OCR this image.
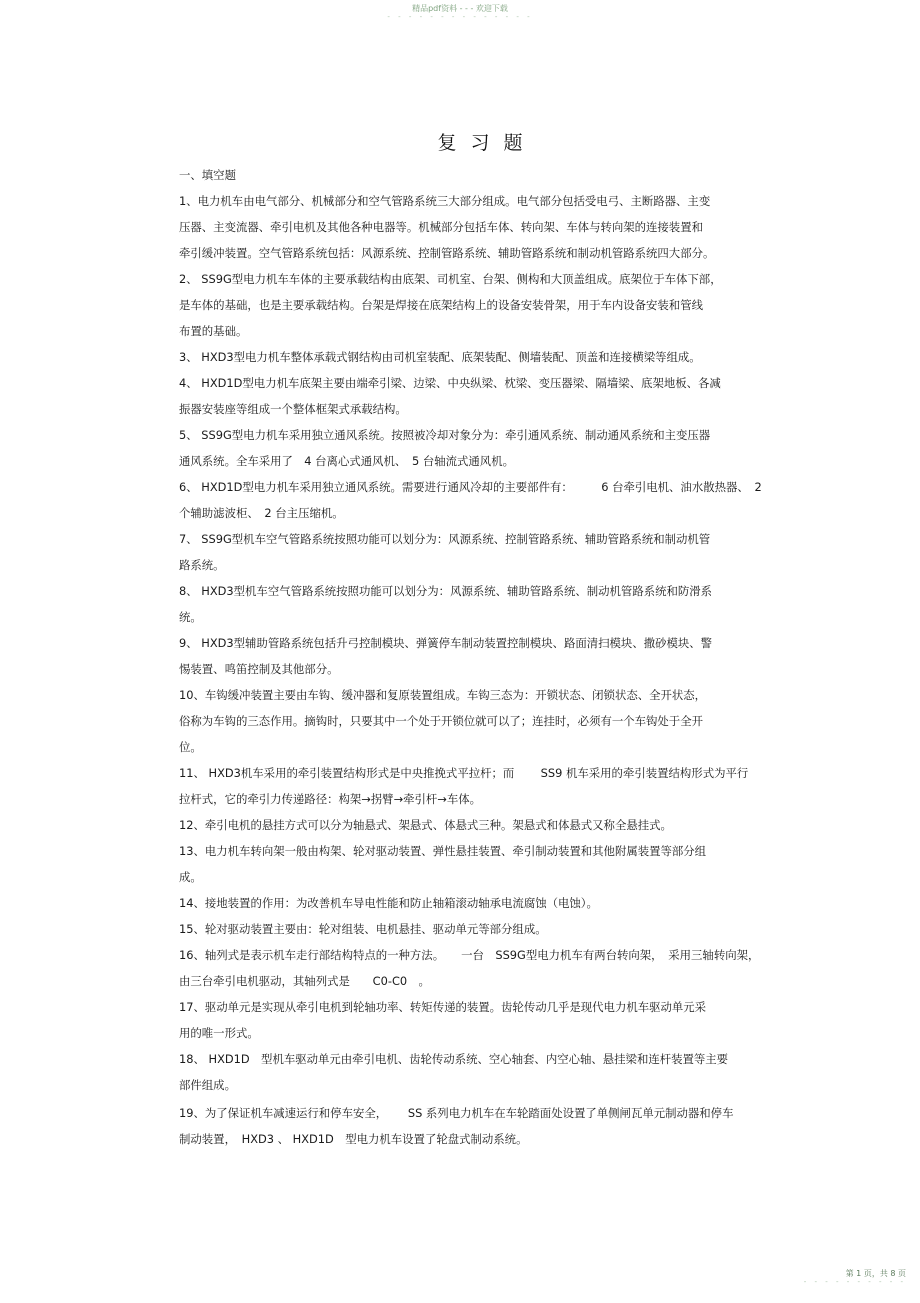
精品pdf资料 - - - 欢迎下载
- - - - - - - - - - - - - -
复习题
一、填空题
1、电力机车由电气部分、机械部分和空气管路系统三大部分组成。电气部分包括受电弓、主断路器、主变
压器、主变流器、牵引电机及其他各种电器等。机械部分包括车体、转向架、车体与转向架的连接装置和
牵引缓冲装置。空气管路系统包括：风源系统、控制管路系统、辅助管路系统和制动机管路系统四大部分。
2、 SS9G型电力机车车体的主要承载结构由底架、司机室、台架、侧构和大顶盖组成。底架位于车体下部，
是车体的基础，也是主要承载结构。台架是焊接在底架结构上的设备安装骨架，用于车内设备安装和管线
布置的基础。
3、 HXD3型电力机车整体承载式钢结构由司机室装配、底架装配、侧墙装配、顶盖和连接横梁等组成。
4、 HXD1D型电力机车底架主要由端牵引梁、边梁、中央纵梁、枕梁、变压器梁、隔墙梁、底架地板、各减
振器安装座等组成一个整体框架式承载结构。
5、 SS9G型电力机车采用独立通风系统。按照被冷却对象分为：牵引通风系统、制动通风系统和主变压器
通风系统。全车采用了　4 台离心式通风机、　5 台轴流式通风机。
6、 HXD1D型电力机车采用独立通风系统。需要进行通风冷却的主要部件有：　　　6 台牵引电机、油水散热器、　2
个辅助滤波柜、　2 台主压缩机。
7、 SS9G型机车空气管路系统按照功能可以划分为：风源系统、控制管路系统、辅助管路系统和制动机管
路系统。
8、 HXD3型机车空气管路系统按照功能可以划分为：风源系统、辅助管路系统、制动机管路系统和防滑系
统。
9、 HXD3型辅助管路系统包括升弓控制模块、弹簧停车制动装置控制模块、路面清扫模块、撒砂模块、警
惕装置、鸣笛控制及其他部分。
10、车钩缓冲装置主要由车钩、缓冲器和复原装置组成。车钩三态为：开锁状态、闭锁状态、全开状态，
俗称为车钩的三态作用。摘钩时，只要其中一个处于开锁位就可以了；连挂时，必须有一个车钩处于全开
位。
11、 HXD3机车采用的牵引装置结构形式是中央推挽式平拉杆；而　　 SS9 机车采用的牵引装置结构形式为平行
拉杆式，它的牵引力传递路径：构架→拐臂→牵引杆→车体。
12、牵引电机的悬挂方式可以分为轴悬式、架悬式、体悬式三种。架悬式和体悬式又称全悬挂式。
13、电力机车转向架一般由构架、轮对驱动装置、弹性悬挂装置、牵引制动装置和其他附属装置等部分组
成。
14、接地装置的作用：为改善机车导电性能和防止轴箱滚动轴承电流腐蚀（电蚀）。
15、轮对驱动装置主要由：轮对组装、电机悬挂、驱动单元等部分组成。
16、轴列式是表示机车走行部结构特点的一种方法。　　一台　SS9G型电力机车有两台转向架，　采用三轴转向架，
由三台牵引电机驱动，其轴列式是　　C0-C0　。
17、驱动单元是实现从牵引电机到轮轴功率、转矩传递的装置。齿轮传动几乎是现代电力机车驱动单元采
用的唯一形式。
18、 HXD1D　型机车驱动单元由牵引电机、齿轮传动系统、空心轴套、内空心轴、悬挂梁和连杆装置等主要
部件组成。
19、为了保证机车减速运行和停车安全，　　 SS 系列电力机车在车轮踏面处设置了单侧闸瓦单元制动器和停车
制动装置，　HXD3 、 HXD1D　型电力机车设置了轮盘式制动系统。
第 1 页，共 8 页
- - - - - - - - - -
